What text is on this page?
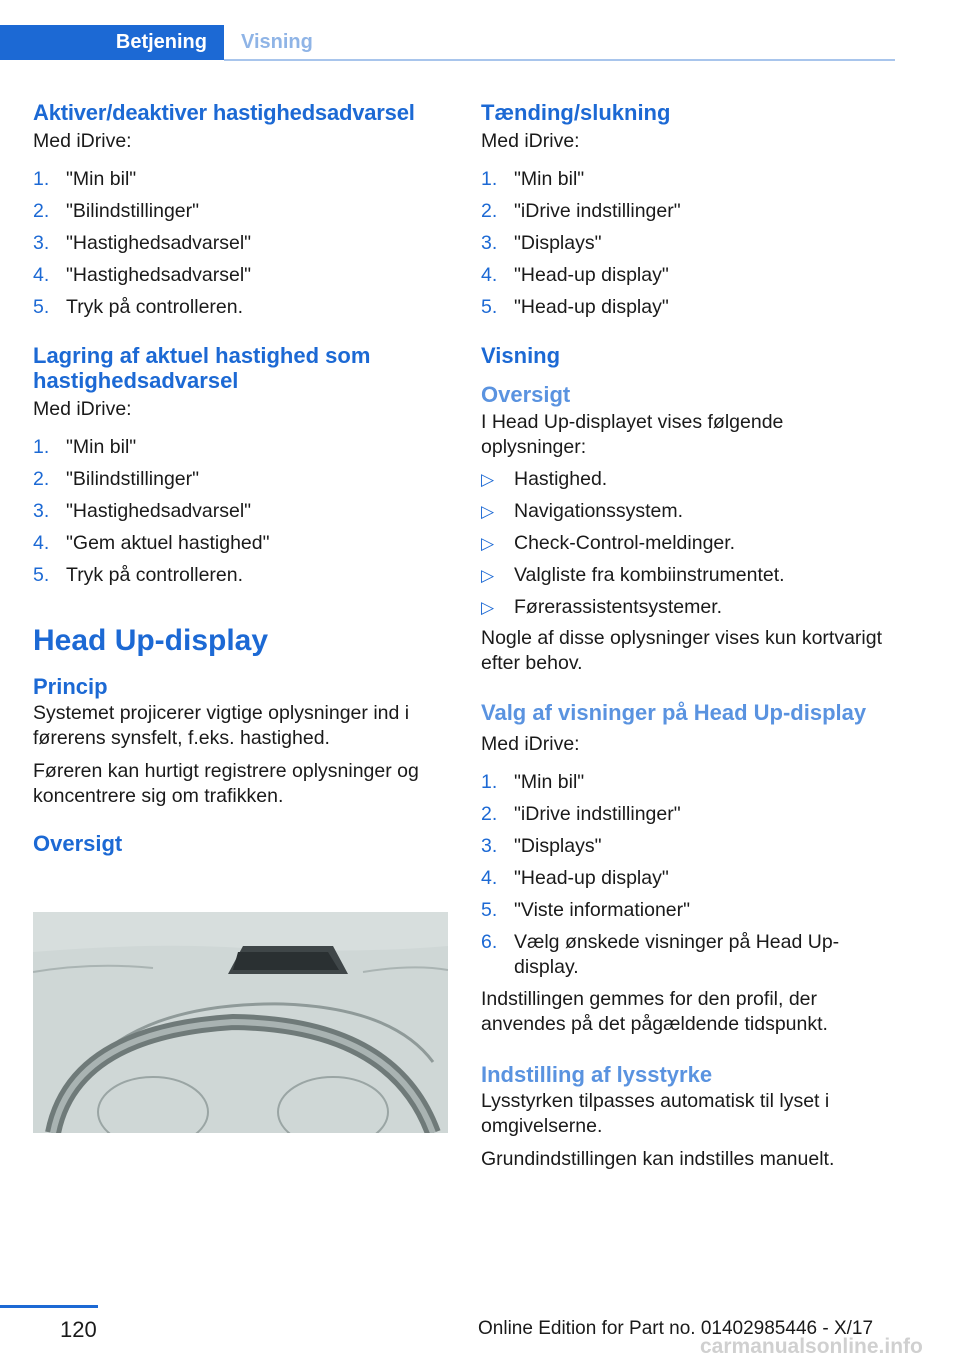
Betjening Visning
Aktiver/deaktiver hastighedsadvarsel

Med iDrive:

1. "Min bil"
2. "Bilindstillinger"
3. "Hastighedsadvarsel"
4. "Hastighedsadvarsel"
5. Tryk på controlleren.
Lagring af aktuel hastighed som hastighedsadvarsel

Med iDrive:

1. "Min bil"
2. "Bilindstillinger"
3. "Hastighedsadvarsel"
4. "Gem aktuel hastighed"
5. Tryk på controlleren.
Head Up-display
Princip

Systemet projicerer vigtige oplysninger ind i førerens synsfelt, f.eks. hastighed.

Føreren kan hurtigt registrere oplysninger og koncentrere sig om trafikken.

Oversigt
Tænding/slukning

Med iDrive:

1. "Min bil"
2. "iDrive indstillinger"
3. "Displays"
4. "Head-up display"
5. "Head-up display"
Visning
Oversigt

I Head Up-displayet vises følgende oplysninger:

▷ Hastighed.
▷ Navigationssystem.
▷ Check-Control-meldinger.
▷ Valgliste fra kombiinstrumentet.
▷ Førerassistentsystemer.

Nogle af disse oplysninger vises kun kortvarigt efter behov.

Valg af visninger på Head Up-display

Med iDrive:

1. "Min bil"
2. "iDrive indstillinger"
3. "Displays"
4. "Head-up display"
5. "Viste informationer"
6. Vælg ønskede visninger på Head Up-display.

Indstillingen gemmes for den profil, der anvendes på det pågældende tidspunkt.

Indstilling af lysstyrke

Lysstyrken tilpasses automatisk til lyset i omgivelserne.

Grundindstillingen kan indstilles manuelt.

120	Online Edition for Part no. 01402985446 - X/17
carmanualsonline.info
